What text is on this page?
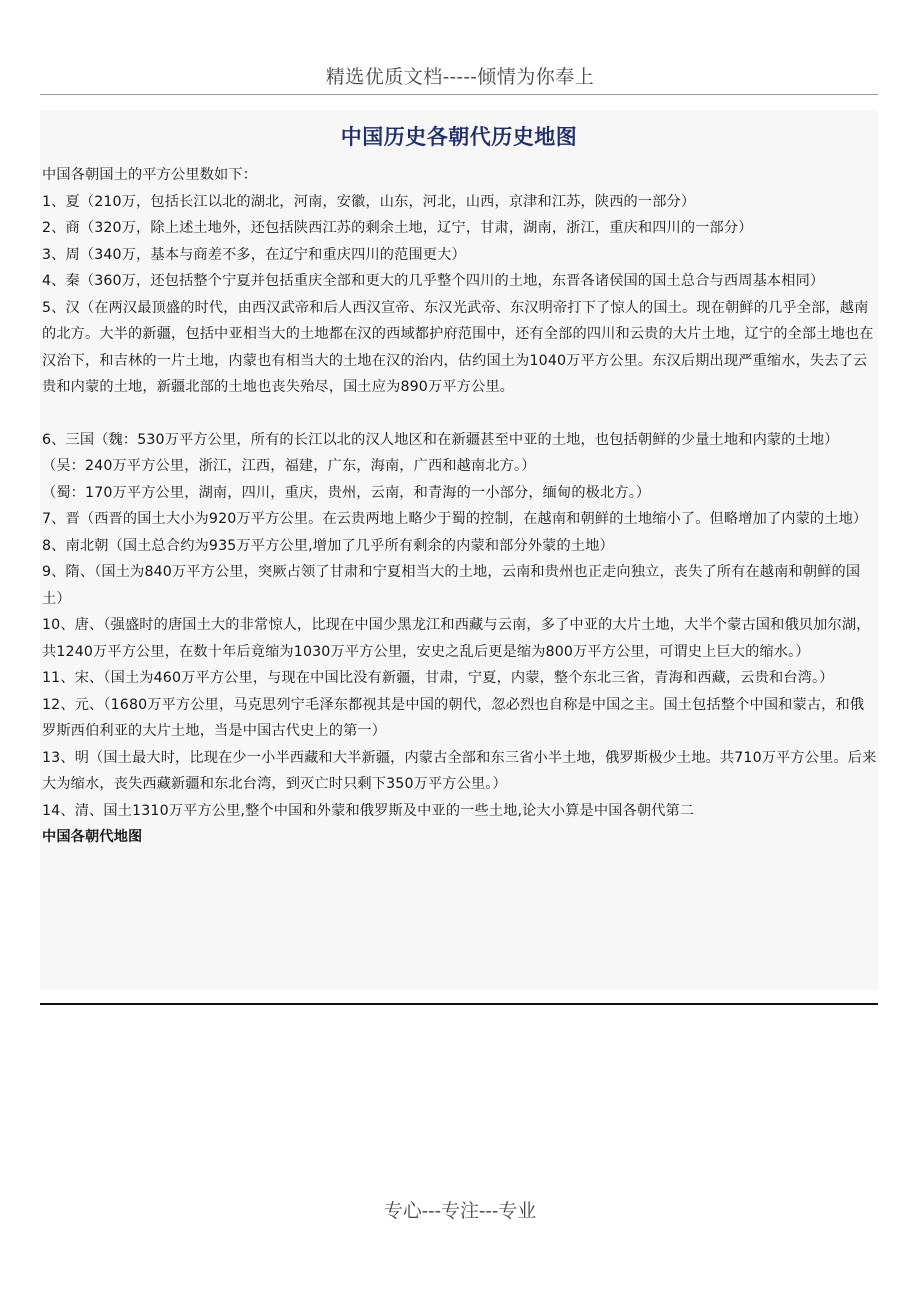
精选优质文档-----倾情为你奉上
中国历史各朝代历史地图

中国各朝国土的平方公里数如下：

1、夏（210万，包括长江以北的湖北，河南，安徽，山东，河北，山西，京津和江苏，陕西的一部分）

2、商（320万，除上述土地外，还包括陕西江苏的剩余土地，辽宁，甘肃，湖南，浙江，重庆和四川的一部分）

3、周（340万，基本与商差不多，在辽宁和重庆四川的范围更大）

4、秦（360万，还包括整个宁夏并包括重庆全部和更大的几乎整个四川的土地，东晋各诸侯国的国土总合与西周基本相同）

5、汉（在两汉最顶盛的时代，由西汉武帝和后人西汉宣帝、东汉光武帝、东汉明帝打下了惊人的国土。现在朝鲜的几乎全部，越南的北方。大半的新疆，包括中亚相当大的土地都在汉的西域都护府范围中，还有全部的四川和云贵的大片土地，辽宁的全部土地也在汉治下，和吉林的一片土地，内蒙也有相当大的土地在汉的治内，估约国土为1040万平方公里。东汉后期出现严重缩水，失去了云贵和内蒙的土地，新疆北部的土地也丧失殆尽，国土应为890万平方公里。

6、三国（魏：530万平方公里，所有的长江以北的汉人地区和在新疆甚至中亚的土地，也包括朝鲜的少量土地和内蒙的土地）

（吴：240万平方公里，浙江，江西，福建，广东，海南，广西和越南北方。）

（蜀：170万平方公里，湖南，四川，重庆，贵州，云南，和青海的一小部分，缅甸的极北方。）

7、晋（西晋的国土大小为920万平方公里。在云贵两地上略少于蜀的控制，在越南和朝鲜的土地缩小了。但略增加了内蒙的土地）

8、南北朝（国土总合约为935万平方公里,增加了几乎所有剩余的内蒙和部分外蒙的土地）

9、隋、（国土为840万平方公里，突厥占领了甘肃和宁夏相当大的土地，云南和贵州也正走向独立，丧失了所有在越南和朝鲜的国土）

10、唐、（强盛时的唐国土大的非常惊人，比现在中国少黑龙江和西藏与云南，多了中亚的大片土地，大半个蒙古国和俄贝加尔湖，共1240万平方公里，在数十年后竟缩为1030万平方公里，安史之乱后更是缩为800万平方公里，可谓史上巨大的缩水。）

11、宋、（国土为460万平方公里，与现在中国比没有新疆，甘肃，宁夏，内蒙，整个东北三省，青海和西藏，云贵和台湾。）

12、元、（1680万平方公里，马克思列宁毛泽东都视其是中国的朝代，忽必烈也自称是中国之主。国土包括整个中国和蒙古，和俄罗斯西伯利亚的大片土地，当是中国古代史上的第一）

13、明（国土最大时，比现在少一小半西藏和大半新疆，内蒙古全部和东三省小半土地，俄罗斯极少土地。共710万平方公里。后来大为缩水，丧失西藏新疆和东北台湾，到灭亡时只剩下350万平方公里。）

14、清、国土1310万平方公里,整个中国和外蒙和俄罗斯及中亚的一些土地,论大小算是中国各朝代第二

中国各朝代地图

专心---专注---专业
